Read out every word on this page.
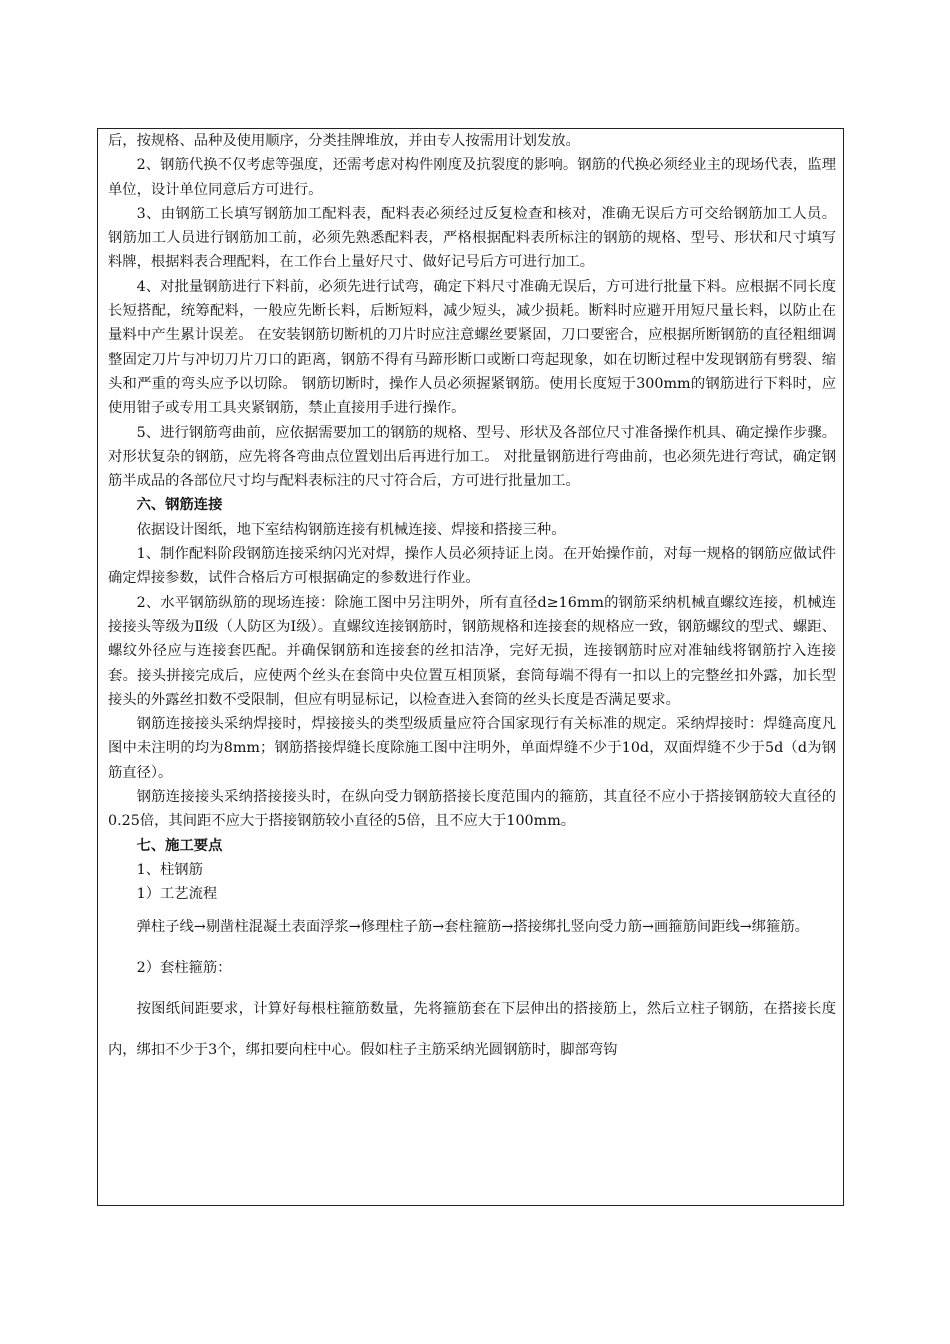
后，按规格、品种及使用顺序，分类挂牌堆放，并由专人按需用计划发放。

2、钢筋代换不仅考虑等强度，还需考虑对构件刚度及抗裂度的影响。钢筋的代换必须经业主的现场代表，监理单位，设计单位同意后方可进行。

3、由钢筋工长填写钢筋加工配料表，配料表必须经过反复检查和核对，准确无误后方可交给钢筋加工人员。 钢筋加工人员进行钢筋加工前，必须先熟悉配料表，严格根据配料表所标注的钢筋的规格、型号、形状和尺寸填写料牌，根据料表合理配料，在工作台上量好尺寸、做好记号后方可进行加工。

4、对批量钢筋进行下料前，必须先进行试弯，确定下料尺寸准确无误后，方可进行批量下料。应根据不同长度长短搭配，统筹配料，一般应先断长料，后断短料，减少短头，减少损耗。断料时应避开用短尺量长料，以防止在量料中产生累计误差。 在安装钢筋切断机的刀片时应注意螺丝要紧固，刀口要密合，应根据所断钢筋的直径粗细调整固定刀片与冲切刀片刀口的距离，钢筋不得有马蹄形断口或断口弯起现象，如在切断过程中发现钢筋有劈裂、缩头和严重的弯头应予以切除。 钢筋切断时，操作人员必须握紧钢筋。使用长度短于300mm的钢筋进行下料时，应使用钳子或专用工具夹紧钢筋，禁止直接用手进行操作。

5、进行钢筋弯曲前，应依据需要加工的钢筋的规格、型号、形状及各部位尺寸准备操作机具、确定操作步骤。对形状复杂的钢筋，应先将各弯曲点位置划出后再进行加工。 对批量钢筋进行弯曲前，也必须先进行弯试，确定钢筋半成品的各部位尺寸均与配料表标注的尺寸符合后，方可进行批量加工。

六、钢筋连接

依据设计图纸，地下室结构钢筋连接有机械连接、焊接和搭接三种。

1、制作配料阶段钢筋连接采纳闪光对焊，操作人员必须持证上岗。在开始操作前，对每一规格的钢筋应做试件确定焊接参数，试件合格后方可根据确定的参数进行作业。

2、水平钢筋纵筋的现场连接：除施工图中另注明外，所有直径d≥16mm的钢筋采纳机械直螺纹连接，机械连接接头等级为Ⅱ级（人防区为Ⅰ级）。直螺纹连接钢筋时，钢筋规格和连接套的规格应一致，钢筋螺纹的型式、螺距、螺纹外径应与连接套匹配。并确保钢筋和连接套的丝扣洁净，完好无损，连接钢筋时应对准轴线将钢筋拧入连接套。接头拼接完成后，应使两个丝头在套筒中央位置互相顶紧，套筒每端不得有一扣以上的完整丝扣外露，加长型接头的外露丝扣数不受限制，但应有明显标记，以检查进入套筒的丝头长度是否满足要求。

钢筋连接接头采纳焊接时，焊接接头的类型级质量应符合国家现行有关标准的规定。采纳焊接时：焊缝高度凡图中未注明的均为8mm；钢筋搭接焊缝长度除施工图中注明外，单面焊缝不少于10d，双面焊缝不少于5d（d为钢筋直径）。

钢筋连接接头采纳搭接接头时，在纵向受力钢筋搭接长度范围内的箍筋，其直径不应小于搭接钢筋较大直径的0.25倍，其间距不应大于搭接钢筋较小直径的5倍，且不应大于100mm。

七、施工要点

1、柱钢筋

1）工艺流程

弹柱子线→剔凿柱混凝土表面浮浆→修理柱子筋→套柱箍筋→搭接绑扎竖向受力筋→画箍筋间距线→绑箍筋。

2）套柱箍筋：

按图纸间距要求，计算好每根柱箍筋数量，先将箍筋套在下层伸出的搭接筋上，然后立柱子钢筋，在搭接长度内，绑扣不少于3个，绑扣要向柱中心。假如柱子主筋采纳光圆钢筋时，脚部弯钩
